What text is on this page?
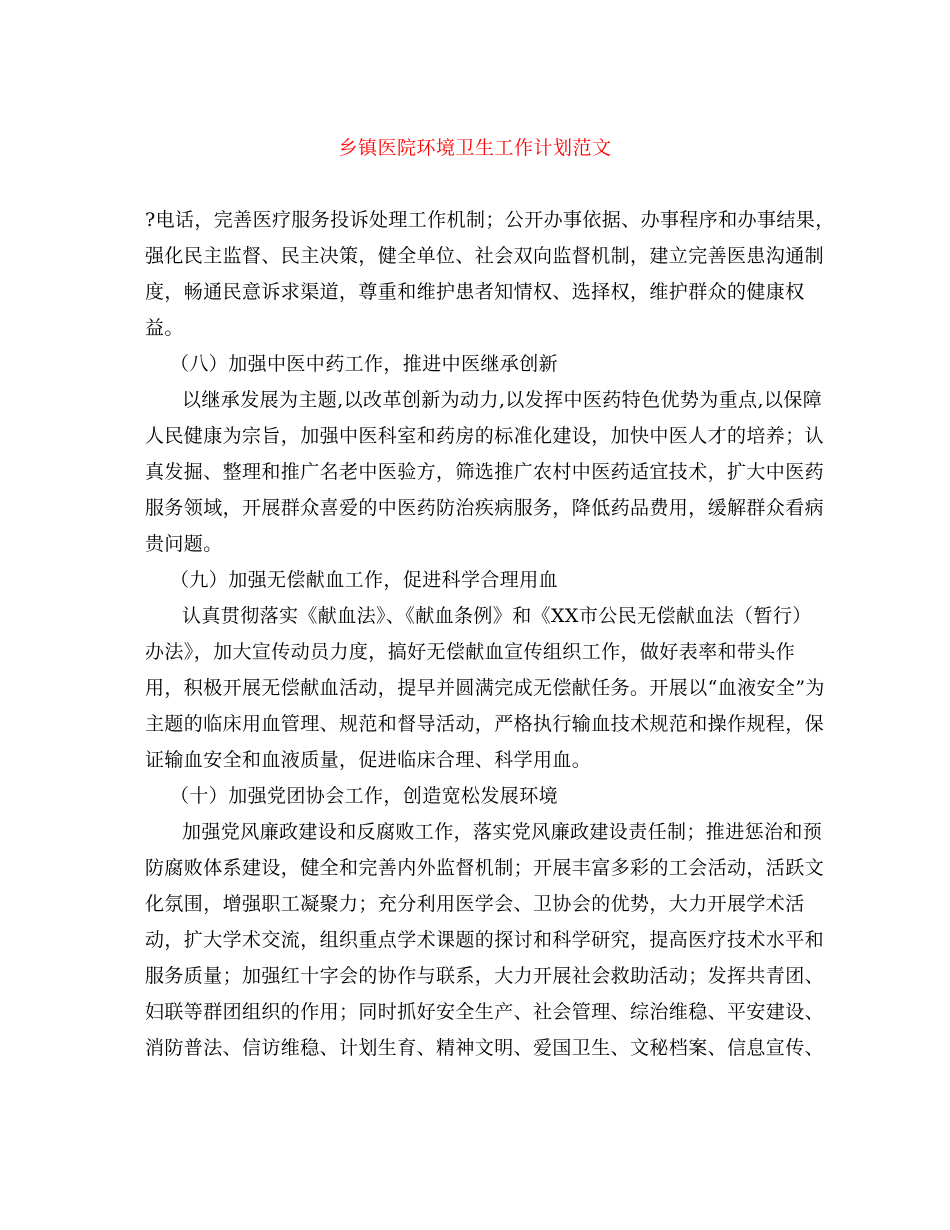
乡镇医院环境卫生工作计划范文
?电话，完善医疗服务投诉处理工作机制；公开办事依据、办事程序和办事结果，
强化民主监督、民主决策，健全单位、社会双向监督机制，建立完善医患沟通制
度，畅通民意诉求渠道，尊重和维护患者知情权、选择权，维护群众的健康权
益。
（八）加强中医中药工作，推进中医继承创新
以继承发展为主题,以改革创新为动力,以发挥中医药特色优势为重点,以保障
人民健康为宗旨，加强中医科室和药房的标准化建设，加快中医人才的培养；认
真发掘、整理和推广名老中医验方，筛选推广农村中医药适宜技术，扩大中医药
服务领域，开展群众喜爱的中医药防治疾病服务，降低药品费用，缓解群众看病
贵问题。
（九）加强无偿献血工作，促进科学合理用血
认真贯彻落实《献血法》、《献血条例》和《XX市公民无偿献血法（暂行）
办法》，加大宣传动员力度，搞好无偿献血宣传组织工作，做好表率和带头作
用，积极开展无偿献血活动，提早并圆满完成无偿献任务。开展以“血液安全”为
主题的临床用血管理、规范和督导活动，严格执行输血技术规范和操作规程，保
证输血安全和血液质量，促进临床合理、科学用血。
（十）加强党团协会工作，创造宽松发展环境
加强党风廉政建设和反腐败工作，落实党风廉政建设责任制；推进惩治和预
防腐败体系建设，健全和完善内外监督机制；开展丰富多彩的工会活动，活跃文
化氛围，增强职工凝聚力；充分利用医学会、卫协会的优势，大力开展学术活
动，扩大学术交流，组织重点学术课题的探讨和科学研究，提高医疗技术水平和
服务质量；加强红十字会的协作与联系，大力开展社会救助活动；发挥共青团、
妇联等群团组织的作用；同时抓好安全生产、社会管理、综治维稳、平安建设、
消防普法、信访维稳、计划生育、精神文明、爱国卫生、文秘档案、信息宣传、
